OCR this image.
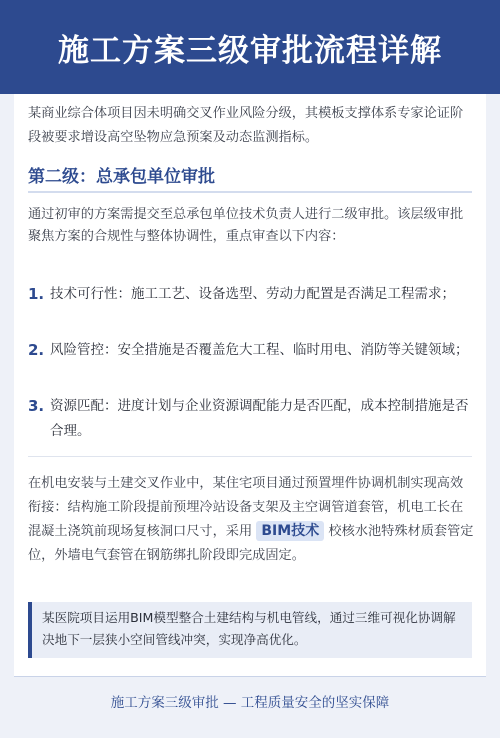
施工方案三级审批流程详解

某商业综合体项目因未明确交叉作业风险分级，其模板支撑体系专家论证阶段被要求增设高空坠物应急预案及动态监测指标。

第二级：总承包单位审批

通过初审的方案需提交至总承包单位技术负责人进行二级审批。该层级审批聚焦方案的合规性与整体协调性，重点审查以下内容：

1. 技术可行性：施工工艺、设备选型、劳动力配置是否满足工程需求；
2. 风险管控：安全措施是否覆盖危大工程、临时用电、消防等关键领域；
3. 资源匹配：进度计划与企业资源调配能力是否匹配，成本控制措施是否合理。

在机电安装与土建交叉作业中，某住宅项目通过预置埋件协调机制实现高效衔接：结构施工阶段提前预埋冷站设备支架及主空调管道套管，机电工长在混凝土浇筑前现场复核洞口尺寸，采用 BIM技术 校核水池特殊材质套管定位，外墙电气套管在钢筋绑扎阶段即完成固定。

某医院项目运用BIM模型整合土建结构与机电管线，通过三维可视化协调解决地下一层狭小空间管线冲突，实现净高优化。
施工方案三级审批 — 工程质量安全的坚实保障
